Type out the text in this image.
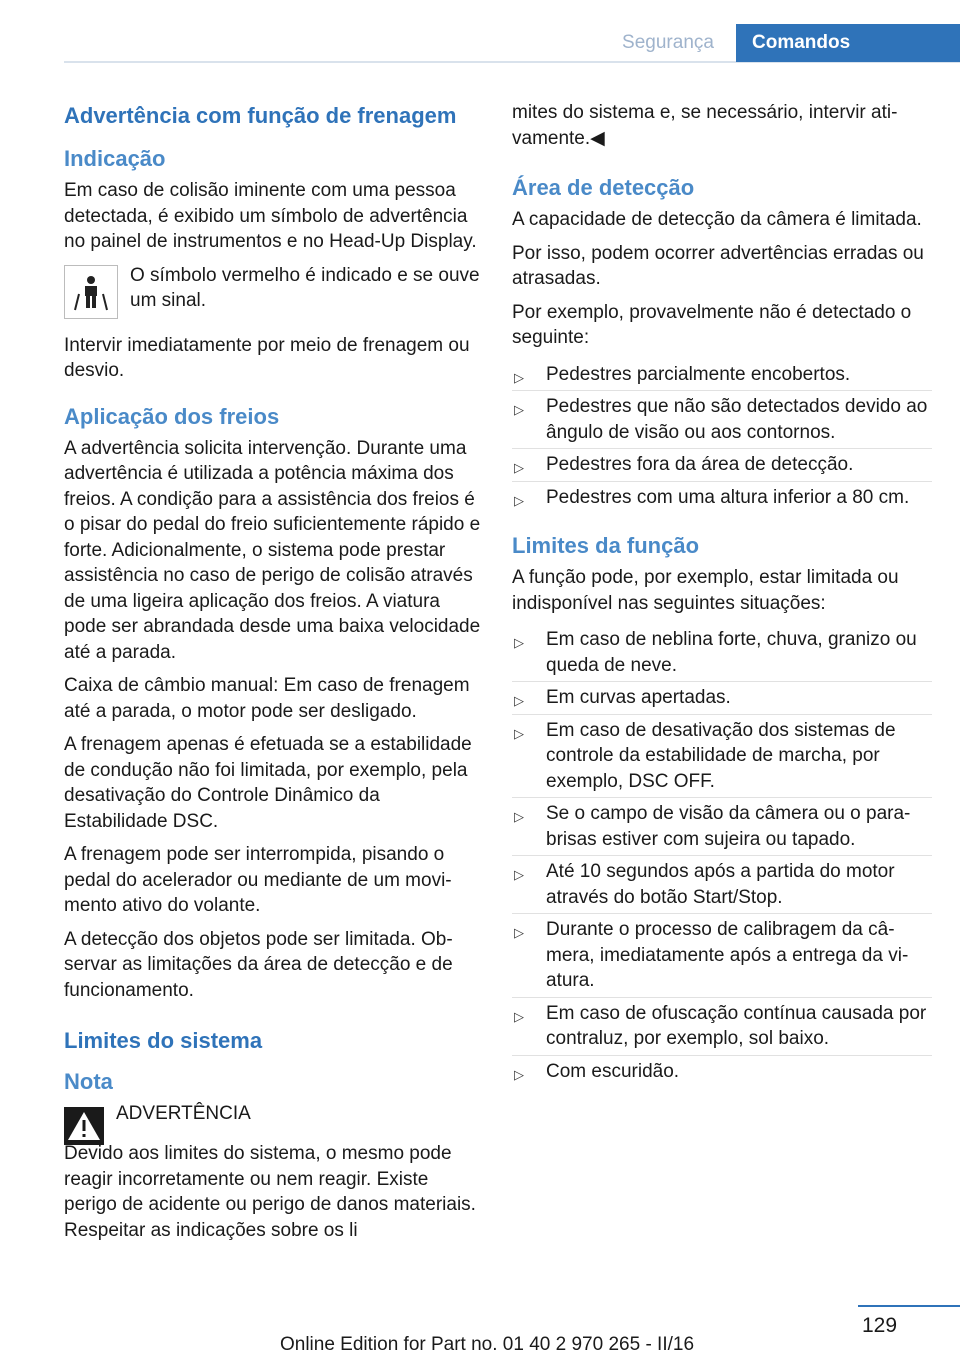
Segurança	Comandos
Advertência com função de frenagem
Indicação

Em caso de colisão iminente com uma pessoa detectada, é exibido um símbolo de advertência no painel de instrumentos e no Head-Up Display.

O símbolo vermelho é indicado e se ouve um sinal.

Intervir imediatamente por meio de frenagem ou desvio.

Aplicação dos freios

A advertência solicita intervenção. Durante uma advertência é utilizada a potência máxima dos freios. A condição para a assistência dos freios é o pisar do pedal do freio suficientemente rápido e forte. Adicionalmente, o sistema pode prestar assistência no caso de perigo de colisão através de uma ligeira aplicação dos freios. A viatura pode ser abrandada desde uma baixa velocidade até a parada.

Caixa de câmbio manual: Em caso de frenagem até a parada, o motor pode ser desligado.

A frenagem apenas é efetuada se a estabilidade de condução não foi limitada, por exemplo, pela desativação do Controle Dinâmico da Estabilidade DSC.

A frenagem pode ser interrompida, pisando o pedal do acelerador ou mediante de um movimento ativo do volante.

A detecção dos objetos pode ser limitada. Observar as limitações da área de detecção e de funcionamento.

Limites do sistema
Nota

ADVERTÊNCIA

Devido aos limites do sistema, o mesmo pode reagir incorretamente ou nem reagir. Existe perigo de acidente ou perigo de danos materiais. Respeitar as indicações sobre os li

mites do sistema e, se necessário, intervir ativamente.◀

Área de detecção

A capacidade de detecção da câmera é limitada.

Por isso, podem ocorrer advertências erradas ou atrasadas.

Por exemplo, provavelmente não é detectado o seguinte:

▷ Pedestres parcialmente encobertos.
▷ Pedestres que não são detectados devido ao ângulo de visão ou aos contornos.
▷ Pedestres fora da área de detecção.
▷ Pedestres com uma altura inferior a 80 cm.
Limites da função

A função pode, por exemplo, estar limitada ou indisponível nas seguintes situações:

▷ Em caso de neblina forte, chuva, granizo ou queda de neve.
▷ Em curvas apertadas.
▷ Em caso de desativação dos sistemas de controle da estabilidade de marcha, por exemplo, DSC OFF.
▷ Se o campo de visão da câmera ou o para-brisas estiver com sujeira ou tapado.
▷ Até 10 segundos após a partida do motor através do botão Start/Stop.
▷ Durante o processo de calibragem da câmera, imediatamente após a entrega da viatura.
▷ Em caso de ofuscação contínua causada por contraluz, por exemplo, sol baixo.
▷ Com escuridão.
129
Online Edition for Part no. 01 40 2 970 265 - II/16
